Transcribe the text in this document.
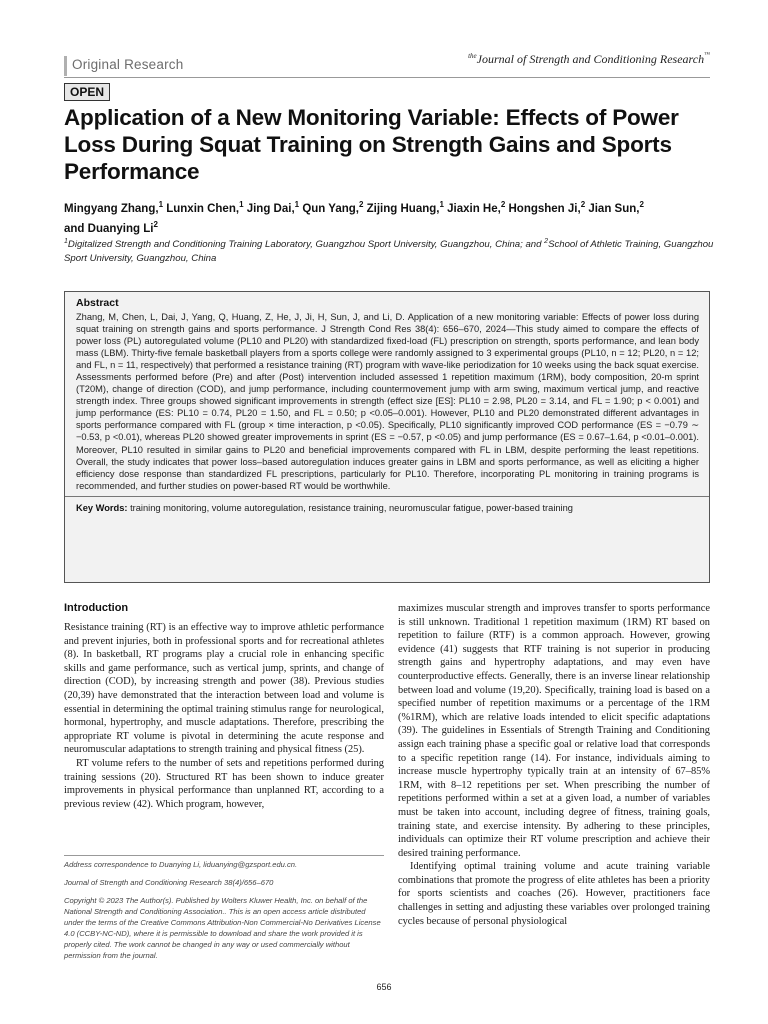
Original Research
$^{the}$Journal of Strength and Conditioning Research™
OPEN
Application of a New Monitoring Variable: Effects of Power Loss During Squat Training on Strength Gains and Sports Performance
Mingyang Zhang,$^1$ Lunxin Chen,$^1$ Jing Dai,$^1$ Qun Yang,$^2$ Zijing Huang,$^1$ Jiaxin He,$^2$ Hongshen Ji,$^2$ Jian Sun,$^2$
and Duanying Li$^2$
$^1$Digitalized Strength and Conditioning Training Laboratory, Guangzhou Sport University, Guangzhou, China; and $^2$School of Athletic Training, Guangzhou Sport University, Guangzhou, China
Abstract
Zhang, M, Chen, L, Dai, J, Yang, Q, Huang, Z, He, J, Ji, H, Sun, J, and Li, D. Application of a new monitoring variable: Effects of power loss during squat training on strength gains and sports performance. J Strength Cond Res 38(4): 656–670, 2024—This study aimed to compare the effects of power loss (PL) autoregulated volume (PL10 and PL20) with standardized fixed-load (FL) prescription on strength, sports performance, and lean body mass (LBM). Thirty-five female basketball players from a sports college were randomly assigned to 3 experimental groups (PL10, n = 12; PL20, n = 12; and FL, n = 11, respectively) that performed a resistance training (RT) program with wave-like periodization for 10 weeks using the back squat exercise. Assessments performed before (Pre) and after (Post) intervention included assessed 1 repetition maximum (1RM), body composition, 20-m sprint (T20M), change of direction (COD), and jump performance, including countermovement jump with arm swing, maximum vertical jump, and reactive strength index. Three groups showed significant improvements in strength (effect size [ES]: PL10 = 2.98, PL20 = 3.14, and FL = 1.90; p < 0.001) and jump performance (ES: PL10 = 0.74, PL20 = 1.50, and FL = 0.50; p <0.05–0.001). However, PL10 and PL20 demonstrated different advantages in sports performance compared with FL (group × time interaction, p <0.05). Specifically, PL10 significantly improved COD performance (ES = −0.79 ∼ −0.53, p <0.01), whereas PL20 showed greater improvements in sprint (ES = −0.57, p <0.05) and jump performance (ES = 0.67–1.64, p <0.01–0.001). Moreover, PL10 resulted in similar gains to PL20 and beneficial improvements compared with FL in LBM, despite performing the least repetitions. Overall, the study indicates that power loss–based autoregulation induces greater gains in LBM and sports performance, as well as eliciting a higher efficiency dose response than standardized FL prescriptions, particularly for PL10. Therefore, incorporating PL monitoring in training programs is recommended, and further studies on power-based RT would be worthwhile.
Key Words: training monitoring, volume autoregulation, resistance training, neuromuscular fatigue, power-based training
Introduction

Resistance training (RT) is an effective way to improve athletic performance and prevent injuries, both in professional sports and for recreational athletes (8). In basketball, RT programs play a crucial role in enhancing specific skills and game performance, such as vertical jump, sprints, and change of direction (COD), by increasing strength and power (38). Previous studies (20,39) have demonstrated that the interaction between load and volume is essential in determining the optimal training stimulus range for neurological, hormonal, hypertrophy, and muscle adaptations. Therefore, prescribing the appropriate RT volume is pivotal in determining the acute response and neuromuscular adaptations to strength training and physical fitness (25).

RT volume refers to the number of sets and repetitions performed during training sessions (20). Structured RT has been shown to induce greater improvements in physical performance than unplanned RT, according to a previous review (42). Which program, however,

maximizes muscular strength and improves transfer to sports performance is still unknown. Traditional 1 repetition maximum (1RM) RT based on repetition to failure (RTF) is a common approach. However, growing evidence (41) suggests that RTF training is not superior in producing strength gains and hypertrophy adaptations, and may even have counterproductive effects. Generally, there is an inverse linear relationship between load and volume (19,20). Specifically, training load is based on a specified number of repetition maximums or a percentage of the 1RM (%1RM), which are relative loads intended to elicit specific adaptations (39). The guidelines in Essentials of Strength Training and Conditioning assign each training phase a specific goal or relative load that corresponds to a specific repetition range (14). For instance, individuals aiming to increase muscle hypertrophy typically train at an intensity of 67–85% 1RM, with 8–12 repetitions per set. When prescribing the number of repetitions performed within a set at a given load, a number of variables must be taken into account, including degree of fitness, training goals, training state, and exercise intensity. By adhering to these principles, individuals can optimize their RT volume prescription and achieve their desired training performance.

Identifying optimal training volume and acute training variable combinations that promote the progress of elite athletes has been a priority for sports scientists and coaches (26). However, practitioners face challenges in setting and adjusting these variables over prolonged training cycles because of personal physiological

Address correspondence to Duanying Li, liduanying@gzsport.edu.cn.
Journal of Strength and Conditioning Research 38(4)/656–670
Copyright © 2023 The Author(s). Published by Wolters Kluwer Health, Inc. on behalf of the National Strength and Conditioning Association.. This is an open access article distributed under the terms of the Creative Commons Attribution-Non Commercial-No Derivatives License 4.0 (CCBY-NC-ND), where it is permissible to download and share the work provided it is properly cited. The work cannot be changed in any way or used commercially without permission from the journal.
656
